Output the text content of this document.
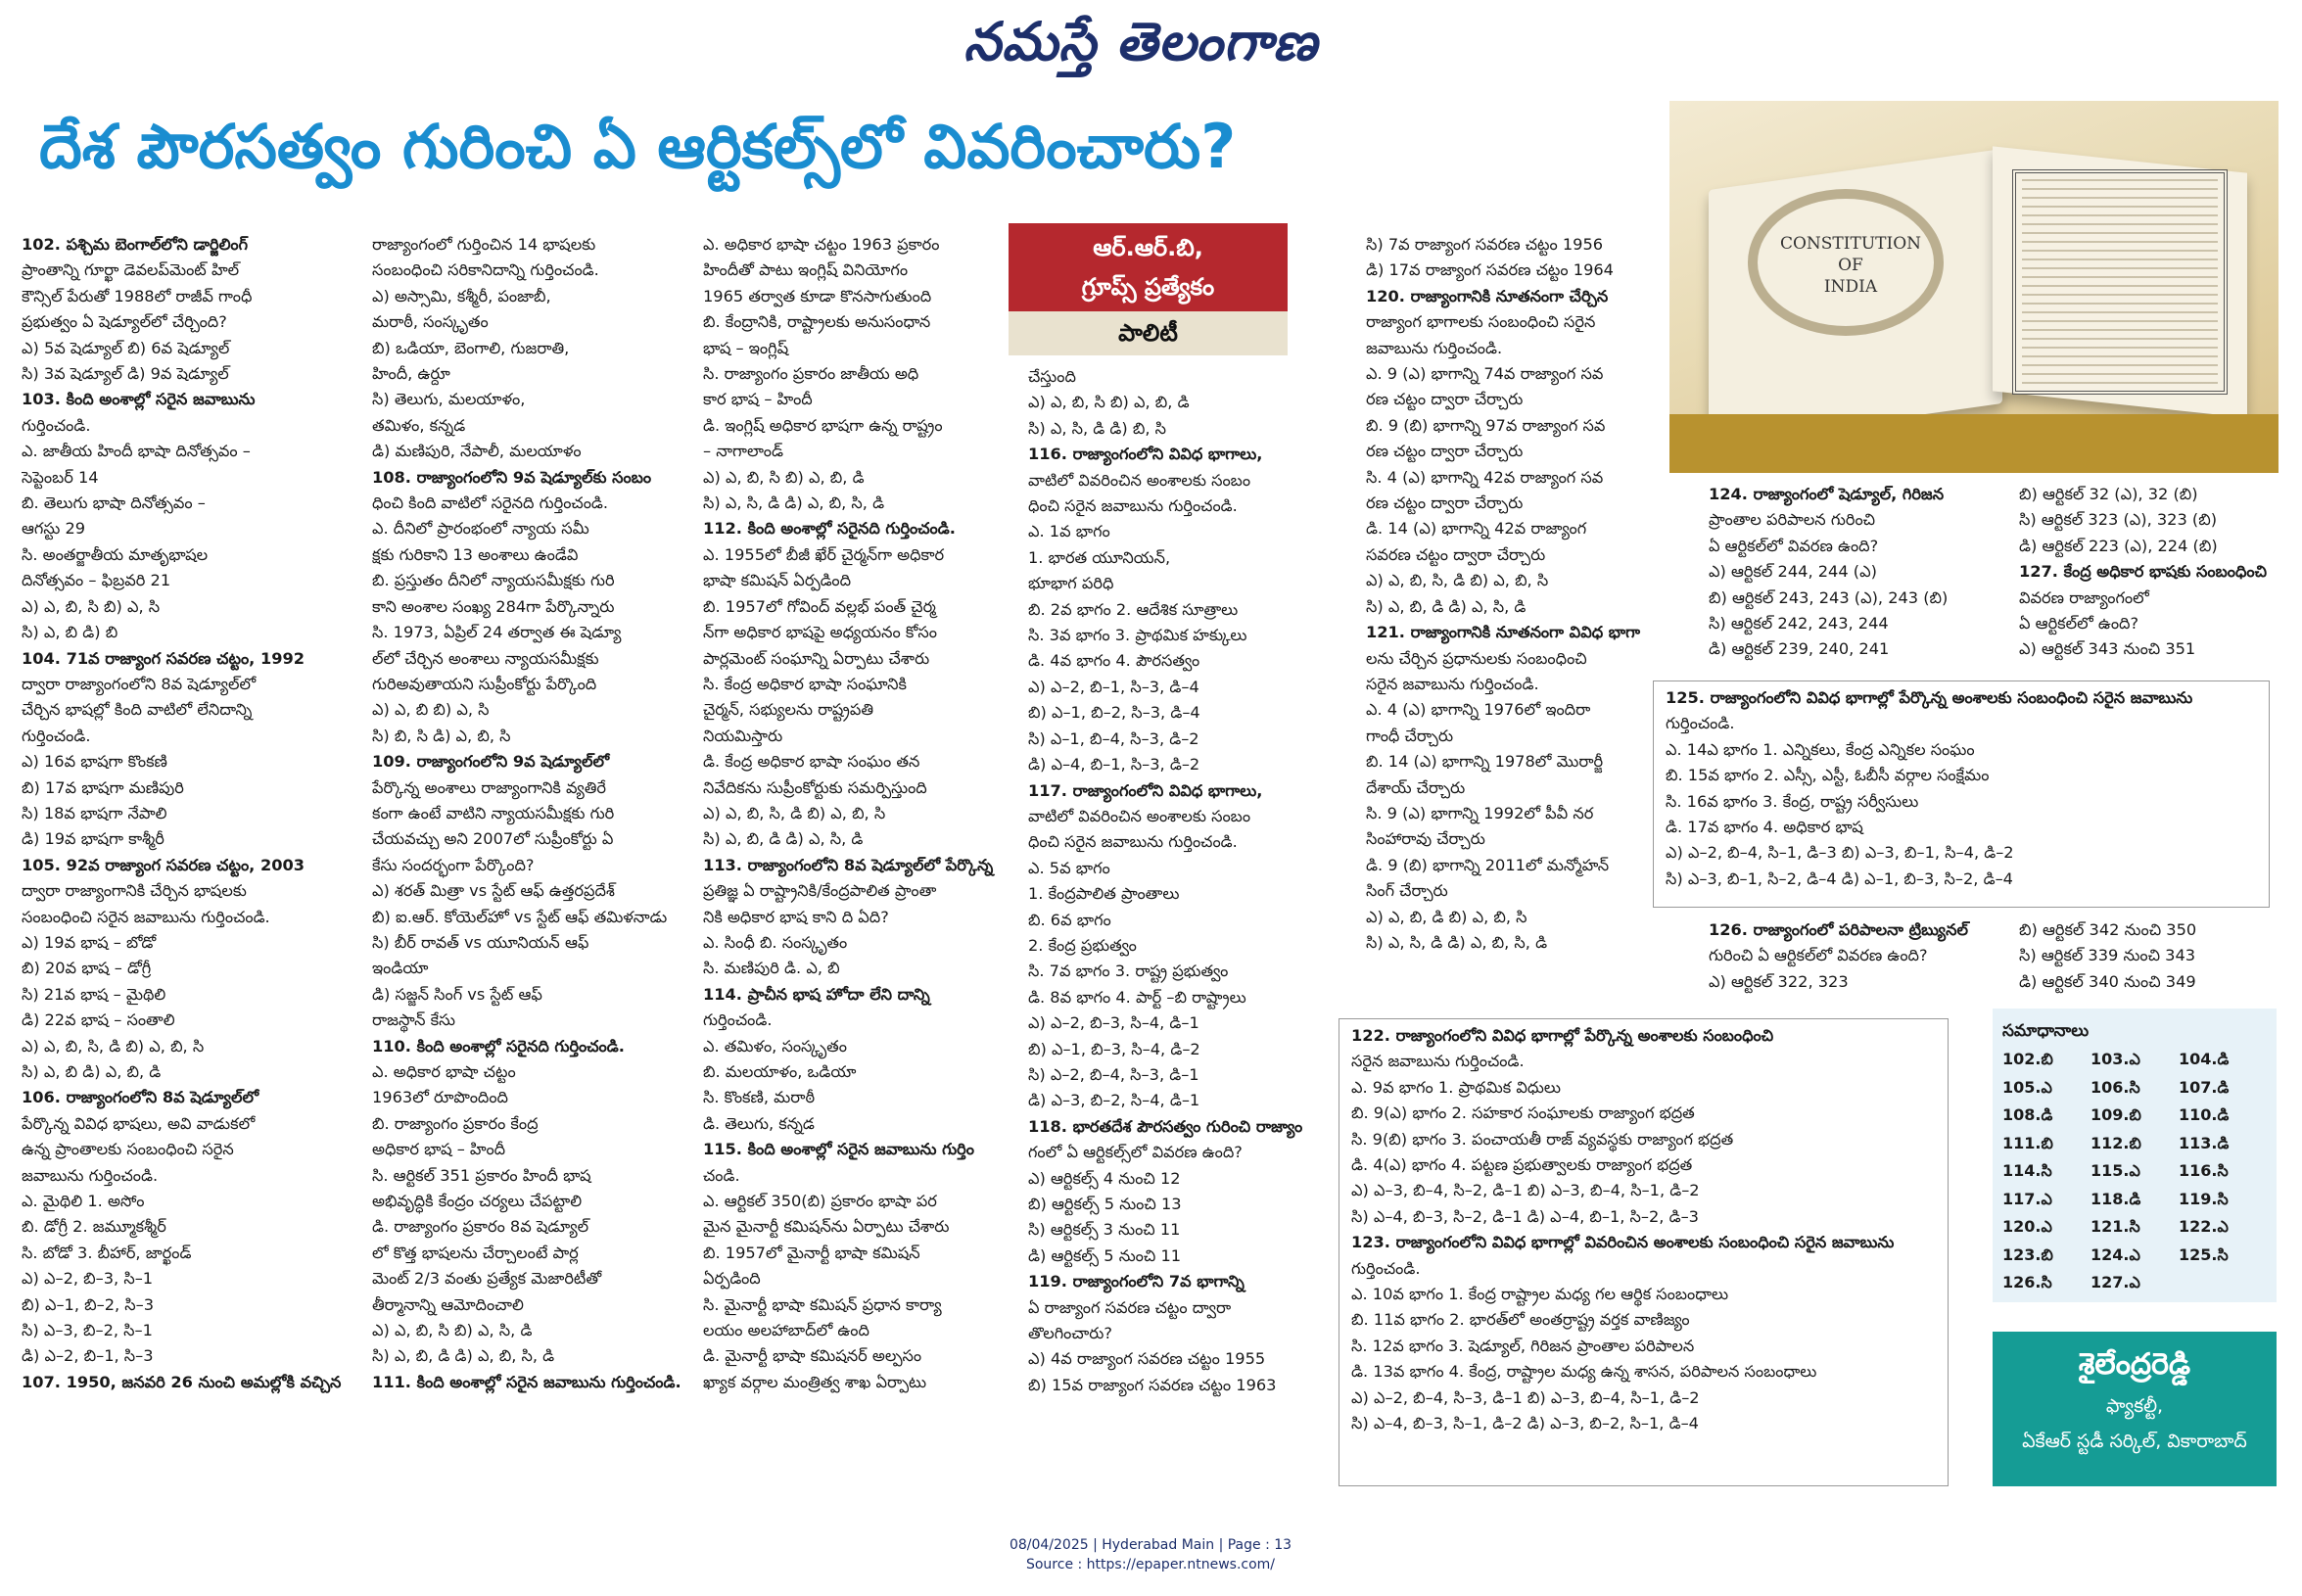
నమస్తే తెలంగాణ
దేశ పౌరసత్వం గురించి ఏ ఆర్టికల్స్‌లో వివరించారు?
CONSTITUTION
OF
INDIA
ఆర్.ఆర్.బి,
గ్రూప్స్ ప్రత్యేకం
పాలిటీ
102. పశ్చిమ బెంగాల్‌లోని డార్జిలింగ్
ప్రాంతాన్ని గూర్ఖా డెవలప్‌మెంట్ హిల్
కౌన్సిల్ పేరుతో 1988లో రాజీవ్ గాంధీ
ప్రభుత్వం ఏ షెడ్యూల్‌లో చేర్చింది?
ఎ) 5వ షెడ్యూల్ బి) 6వ షెడ్యూల్
సి) 3వ షెడ్యూల్ డి) 9వ షెడ్యూల్
103. కింది అంశాల్లో సరైన జవాబును
గుర్తించండి.
ఎ. జాతీయ హిందీ భాషా దినోత్సవం –
సెప్టెంబర్ 14
బి. తెలుగు భాషా దినోత్సవం –
ఆగస్టు 29
సి. అంతర్జాతీయ మాతృభాషల
దినోత్సవం – ఫిబ్రవరి 21
ఎ) ఎ, బి, సి బి) ఎ, సి
సి) ఎ, బి డి) బి
104. 71వ రాజ్యాంగ సవరణ చట్టం, 1992
ద్వారా రాజ్యాంగంలోని 8వ షెడ్యూల్‌లో
చేర్చిన భాషల్లో కింది వాటిలో లేనిదాన్ని
గుర్తించండి.
ఎ) 16వ భాషగా కొంకణి
బి) 17వ భాషగా మణిపురి
సి) 18వ భాషగా నేపాలి
డి) 19వ భాషగా కాశ్మీరీ
105. 92వ రాజ్యాంగ సవరణ చట్టం, 2003
ద్వారా రాజ్యాంగానికి చేర్చిన భాషలకు
సంబంధించి సరైన జవాబును గుర్తించండి.
ఎ) 19వ భాష – బోడో
బి) 20వ భాష – డోగ్రీ
సి) 21వ భాష – మైథిలి
డి) 22వ భాష – సంతాలి
ఎ) ఎ, బి, సి, డి బి) ఎ, బి, సి
సి) ఎ, బి డి) ఎ, బి, డి
106. రాజ్యాంగంలోని 8వ షెడ్యూల్‌లో
పేర్కొన్న వివిధ భాషలు, అవి వాడుకలో
ఉన్న ప్రాంతాలకు సంబంధించి సరైన
జవాబును గుర్తించండి.
ఎ. మైథిలి 1. అసోం
బి. డోగ్రీ 2. జమ్మూకశ్మీర్
సి. బోడో 3. బీహార్, జార్ఖండ్
ఎ) ఎ–2, బి–3, సి–1
బి) ఎ–1, బి–2, సి–3
సి) ఎ–3, బి–2, సి–1
డి) ఎ–2, బి–1, సి–3
107. 1950, జనవరి 26 నుంచి అమల్లోకి వచ్చిన
రాజ్యాంగంలో గుర్తించిన 14 భాషలకు
సంబంధించి సరికానిదాన్ని గుర్తించండి.
ఎ) అస్సామి, కశ్మీరీ, పంజాబీ,
మరాఠీ, సంస్కృతం
బి) ఒడియా, బెంగాలి, గుజరాతి,
హిందీ, ఉర్దూ
సి) తెలుగు, మలయాళం,
తమిళం, కన్నడ
డి) మణిపురి, నేపాలీ, మలయాళం
108. రాజ్యాంగంలోని 9వ షెడ్యూల్‌కు సంబం
ధించి కింది వాటిలో సరైనది గుర్తించండి.
ఎ. దీనిలో ప్రారంభంలో న్యాయ సమీ
క్షకు గురికాని 13 అంశాలు ఉండేవి
బి. ప్రస్తుతం దీనిలో న్యాయసమీక్షకు గురి
కాని అంశాల సంఖ్య 284గా పేర్కొన్నారు
సి. 1973, ఏప్రిల్ 24 తర్వాత ఈ షెడ్యూ
ల్‌లో చేర్చిన అంశాలు న్యాయసమీక్షకు
గురిఅవుతాయని సుప్రీంకోర్టు పేర్కొంది
ఎ) ఎ, బి బి) ఎ, సి
సి) బి, సి డి) ఎ, బి, సి
109. రాజ్యాంగంలోని 9వ షెడ్యూల్‌లో
పేర్కొన్న అంశాలు రాజ్యాంగానికి వ్యతిరే
కంగా ఉంటే వాటిని న్యాయసమీక్షకు గురి
చేయవచ్చు అని 2007లో సుప్రీంకోర్టు ఏ
కేసు సందర్భంగా పేర్కొంది?
ఎ) శరత్ మిత్రా vs స్టేట్ ఆఫ్ ఉత్తరప్రదేశ్
బి) ఐ.ఆర్. కోయెల్‌హో vs స్టేట్ ఆఫ్ తమిళనాడు
సి) బీర్ రావత్ vs యూనియన్ ఆఫ్
ఇండియా
డి) సజ్జన్ సింగ్ vs స్టేట్ ఆఫ్
రాజస్థాన్ కేసు
110. కింది అంశాల్లో సరైనది గుర్తించండి.
ఎ. అధికార భాషా చట్టం
1963లో రూపొందింది
బి. రాజ్యాంగం ప్రకారం కేంద్ర
అధికార భాష – హిందీ
సి. ఆర్టికల్ 351 ప్రకారం హిందీ భాష
అభివృద్ధికి కేంద్రం చర్యలు చేపట్టాలి
డి. రాజ్యాంగం ప్రకారం 8వ షెడ్యూల్
లో కొత్త భాషలను చేర్చాలంటే పార్ల
మెంట్ 2/3 వంతు ప్రత్యేక మెజారిటీతో
తీర్మానాన్ని ఆమోదించాలి
ఎ) ఎ, బి, సి బి) ఎ, సి, డి
సి) ఎ, బి, డి డి) ఎ, బి, సి, డి
111. కింది అంశాల్లో సరైన జవాబును గుర్తించండి.
ఎ. అధికార భాషా చట్టం 1963 ప్రకారం
హిందీతో పాటు ఇంగ్లిష్ వినియోగం
1965 తర్వాత కూడా కొనసాగుతుంది
బి. కేంద్రానికి, రాష్ట్రాలకు అనుసంధాన
భాష – ఇంగ్లిష్
సి. రాజ్యాంగం ప్రకారం జాతీయ అధి
కార భాష – హిందీ
డి. ఇంగ్లిష్ అధికార భాషగా ఉన్న రాష్ట్రం
– నాగాలాండ్
ఎ) ఎ, బి, సి బి) ఎ, బి, డి
సి) ఎ, సి, డి డి) ఎ, బి, సి, డి
112. కింది అంశాల్లో సరైనది గుర్తించండి.
ఎ. 1955లో బీజీ ఖేర్ చైర్మన్‌గా అధికార
భాషా కమిషన్ ఏర్పడింది
బి. 1957లో గోవింద్ వల్లభ్ పంత్ చైర్మ
న్‌గా అధికార భాషపై అధ్యయనం కోసం
పార్లమెంట్ సంఘాన్ని ఏర్పాటు చేశారు
సి. కేంద్ర అధికార భాషా సంఘానికి
చైర్మన్, సభ్యులను రాష్ట్రపతి
నియమిస్తారు
డి. కేంద్ర అధికార భాషా సంఘం తన
నివేదికను సుప్రీంకోర్టుకు సమర్పిస్తుంది
ఎ) ఎ, బి, సి, డి బి) ఎ, బి, సి
సి) ఎ, బి, డి డి) ఎ, సి, డి
113. రాజ్యాంగంలోని 8వ షెడ్యూల్‌లో పేర్కొన్న
ప్రతిజ్ఞ ఏ రాష్ట్రానికి/కేంద్రపాలిత ప్రాంతా
నికి అధికార భాష కాని ది ఏది?
ఎ. సింధీ బి. సంస్కృతం
సి. మణిపురి డి. ఎ, బి
114. ప్రాచీన భాష హోదా లేని దాన్ని
గుర్తించండి.
ఎ. తమిళం, సంస్కృతం
బి. మలయాళం, ఒడియా
సి. కొంకణి, మరాఠీ
డి. తెలుగు, కన్నడ
115. కింది అంశాల్లో సరైన జవాబును గుర్తిం
చండి.
ఎ. ఆర్టికల్ 350(బి) ప్రకారం భాషా పర
మైన మైనార్టీ కమిషన్‌ను ఏర్పాటు చేశారు
బి. 1957లో మైనార్టీ భాషా కమిషన్
ఏర్పడింది
సి. మైనార్టీ భాషా కమిషన్ ప్రధాన కార్యా
లయం అలహాబాద్‌లో ఉంది
డి. మైనార్టీ భాషా కమిషనర్ అల్పసం
ఖ్యాక వర్గాల మంత్రిత్వ శాఖ ఏర్పాటు
చేస్తుంది
ఎ) ఎ, బి, సి బి) ఎ, బి, డి
సి) ఎ, సి, డి డి) బి, సి
116. రాజ్యాంగంలోని వివిధ భాగాలు,
వాటిలో వివరించిన అంశాలకు సంబం
ధించి సరైన జవాబును గుర్తించండి.
ఎ. 1వ భాగం
1. భారత యూనియన్,
భూభాగ పరిధి
బి. 2వ భాగం 2. ఆదేశిక సూత్రాలు
సి. 3వ భాగం 3. ప్రాథమిక హక్కులు
డి. 4వ భాగం 4. పౌరసత్వం
ఎ) ఎ–2, బి–1, సి–3, డి–4
బి) ఎ–1, బి–2, సి–3, డి–4
సి) ఎ–1, బి–4, సి–3, డి–2
డి) ఎ–4, బి–1, సి–3, డి–2
117. రాజ్యాంగంలోని వివిధ భాగాలు,
వాటిలో వివరించిన అంశాలకు సంబం
ధించి సరైన జవాబును గుర్తించండి.
ఎ. 5వ భాగం
1. కేంద్రపాలిత ప్రాంతాలు
బి. 6వ భాగం
2. కేంద్ర ప్రభుత్వం
సి. 7వ భాగం 3. రాష్ట్ర ప్రభుత్వం
డి. 8వ భాగం 4. పార్ట్ –బి రాష్ట్రాలు
ఎ) ఎ–2, బి–3, సి–4, డి–1
బి) ఎ–1, బి–3, సి–4, డి–2
సి) ఎ–2, బి–4, సి–3, డి–1
డి) ఎ–3, బి–2, సి–4, డి–1
118. భారతదేశ పౌరసత్వం గురించి రాజ్యాం
గంలో ఏ ఆర్టికల్స్‌లో వివరణ ఉంది?
ఎ) ఆర్టికల్స్ 4 నుంచి 12
బి) ఆర్టికల్స్ 5 నుంచి 13
సి) ఆర్టికల్స్ 3 నుంచి 11
డి) ఆర్టికల్స్ 5 నుంచి 11
119. రాజ్యాంగంలోని 7వ భాగాన్ని
ఏ రాజ్యాంగ సవరణ చట్టం ద్వారా
తొలగించారు?
ఎ) 4వ రాజ్యాంగ సవరణ చట్టం 1955
బి) 15వ రాజ్యాంగ సవరణ చట్టం 1963
సి) 7వ రాజ్యాంగ సవరణ చట్టం 1956
డి) 17వ రాజ్యాంగ సవరణ చట్టం 1964
120. రాజ్యాంగానికి నూతనంగా చేర్చిన
రాజ్యాంగ భాగాలకు సంబంధించి సరైన
జవాబును గుర్తించండి.
ఎ. 9 (ఎ) భాగాన్ని 74వ రాజ్యాంగ సవ
రణ చట్టం ద్వారా చేర్చారు
బి. 9 (బి) భాగాన్ని 97వ రాజ్యాంగ సవ
రణ చట్టం ద్వారా చేర్చారు
సి. 4 (ఎ) భాగాన్ని 42వ రాజ్యాంగ సవ
రణ చట్టం ద్వారా చేర్చారు
డి. 14 (ఎ) భాగాన్ని 42వ రాజ్యాంగ
సవరణ చట్టం ద్వారా చేర్చారు
ఎ) ఎ, బి, సి, డి బి) ఎ, బి, సి
సి) ఎ, బి, డి డి) ఎ, సి, డి
121. రాజ్యాంగానికి నూతనంగా వివిధ భాగా
లను చేర్చిన ప్రధానులకు సంబంధించి
సరైన జవాబును గుర్తించండి.
ఎ. 4 (ఎ) భాగాన్ని 1976లో ఇందిరా
గాంధీ చేర్చారు
బి. 14 (ఎ) భాగాన్ని 1978లో మొరార్జీ
దేశాయ్ చేర్చారు
సి. 9 (ఎ) భాగాన్ని 1992లో పీవీ నర
సింహారావు చేర్చారు
డి. 9 (బి) భాగాన్ని 2011లో మన్మోహన్
సింగ్ చేర్చారు
ఎ) ఎ, బి, డి బి) ఎ, బి, సి
సి) ఎ, సి, డి డి) ఎ, బి, సి, డి
124. రాజ్యాంగంలో షెడ్యూల్, గిరిజన
ప్రాంతాల పరిపాలన గురించి
ఏ ఆర్టికల్‌లో వివరణ ఉంది?
ఎ) ఆర్టికల్ 244, 244 (ఎ)
బి) ఆర్టికల్ 243, 243 (ఎ), 243 (బి)
సి) ఆర్టికల్ 242, 243, 244
డి) ఆర్టికల్ 239, 240, 241
బి) ఆర్టికల్ 32 (ఎ), 32 (బి)
సి) ఆర్టికల్ 323 (ఎ), 323 (బి)
డి) ఆర్టికల్ 223 (ఎ), 224 (బి)
127. కేంద్ర అధికార భాషకు సంబంధించి
వివరణ రాజ్యాంగంలో
ఏ ఆర్టికల్‌లో ఉంది?
ఎ) ఆర్టికల్ 343 నుంచి 351
125. రాజ్యాంగంలోని వివిధ భాగాల్లో పేర్కొన్న అంశాలకు సంబంధించి సరైన జవాబును
గుర్తించండి.
ఎ. 14ఎ భాగం 1. ఎన్నికలు, కేంద్ర ఎన్నికల సంఘం
బి. 15వ భాగం 2. ఎస్సీ, ఎస్టీ, ఓబీసీ వర్గాల సంక్షేమం
సి. 16వ భాగం 3. కేంద్ర, రాష్ట్ర సర్వీసులు
డి. 17వ భాగం 4. అధికార భాష
ఎ) ఎ–2, బి–4, సి–1, డి–3 బి) ఎ–3, బి–1, సి–4, డి–2
సి) ఎ–3, బి–1, సి–2, డి–4 డి) ఎ–1, బి–3, సి–2, డి–4
126. రాజ్యాంగంలో పరిపాలనా ట్రిబ్యునల్
గురించి ఏ ఆర్టికల్‌లో వివరణ ఉంది?
ఎ) ఆర్టికల్ 322, 323
బి) ఆర్టికల్ 342 నుంచి 350
సి) ఆర్టికల్ 339 నుంచి 343
డి) ఆర్టికల్ 340 నుంచి 349
122. రాజ్యాంగంలోని వివిధ భాగాల్లో పేర్కొన్న అంశాలకు సంబంధించి
సరైన జవాబును గుర్తించండి.
ఎ. 9వ భాగం 1. ప్రాథమిక విధులు
బి. 9(ఎ) భాగం 2. సహకార సంఘాలకు రాజ్యాంగ భద్రత
సి. 9(బి) భాగం 3. పంచాయతీ రాజ్ వ్యవస్థకు రాజ్యాంగ భద్రత
డి. 4(ఎ) భాగం 4. పట్టణ ప్రభుత్వాలకు రాజ్యాంగ భద్రత
ఎ) ఎ–3, బి–4, సి–2, డి–1 బి) ఎ–3, బి–4, సి–1, డి–2
సి) ఎ–4, బి–3, సి–2, డి–1 డి) ఎ–4, బి–1, సి–2, డి–3
123. రాజ్యాంగంలోని వివిధ భాగాల్లో వివరించిన అంశాలకు సంబంధించి సరైన జవాబును
గుర్తించండి.
ఎ. 10వ భాగం 1. కేంద్ర రాష్ట్రాల మధ్య గల ఆర్థిక సంబంధాలు
బి. 11వ భాగం 2. భారత్‌లో అంతర్రాష్ట్ర వర్తక వాణిజ్యం
సి. 12వ భాగం 3. షెడ్యూల్, గిరిజన ప్రాంతాల పరిపాలన
డి. 13వ భాగం 4. కేంద్ర, రాష్ట్రాల మధ్య ఉన్న శాసన, పరిపాలన సంబంధాలు
ఎ) ఎ–2, బి–4, సి–3, డి–1 బి) ఎ–3, బి–4, సి–1, డి–2
సి) ఎ–4, బి–3, సి–1, డి–2 డి) ఎ–3, బి–2, సి–1, డి–4
సమాధానాలు
102.బి	103.ఎ	104.డి
105.ఎ	106.సి	107.డి
108.డి	109.బి	110.డి
111.బి	112.బి	113.డి
114.సి	115.ఎ	116.సి
117.ఎ	118.డి	119.సి
120.ఎ	121.సి	122.ఎ
123.బి	124.ఎ	125.సి
126.సి	127.ఎ	
శైలేంద్రరెడ్డి
ఫ్యాకల్టీ,
ఏకేఆర్ స్టడీ సర్కిల్, వికారాబాద్
08/04/2025 | Hyderabad Main | Page : 13
Source : https://epaper.ntnews.com/
